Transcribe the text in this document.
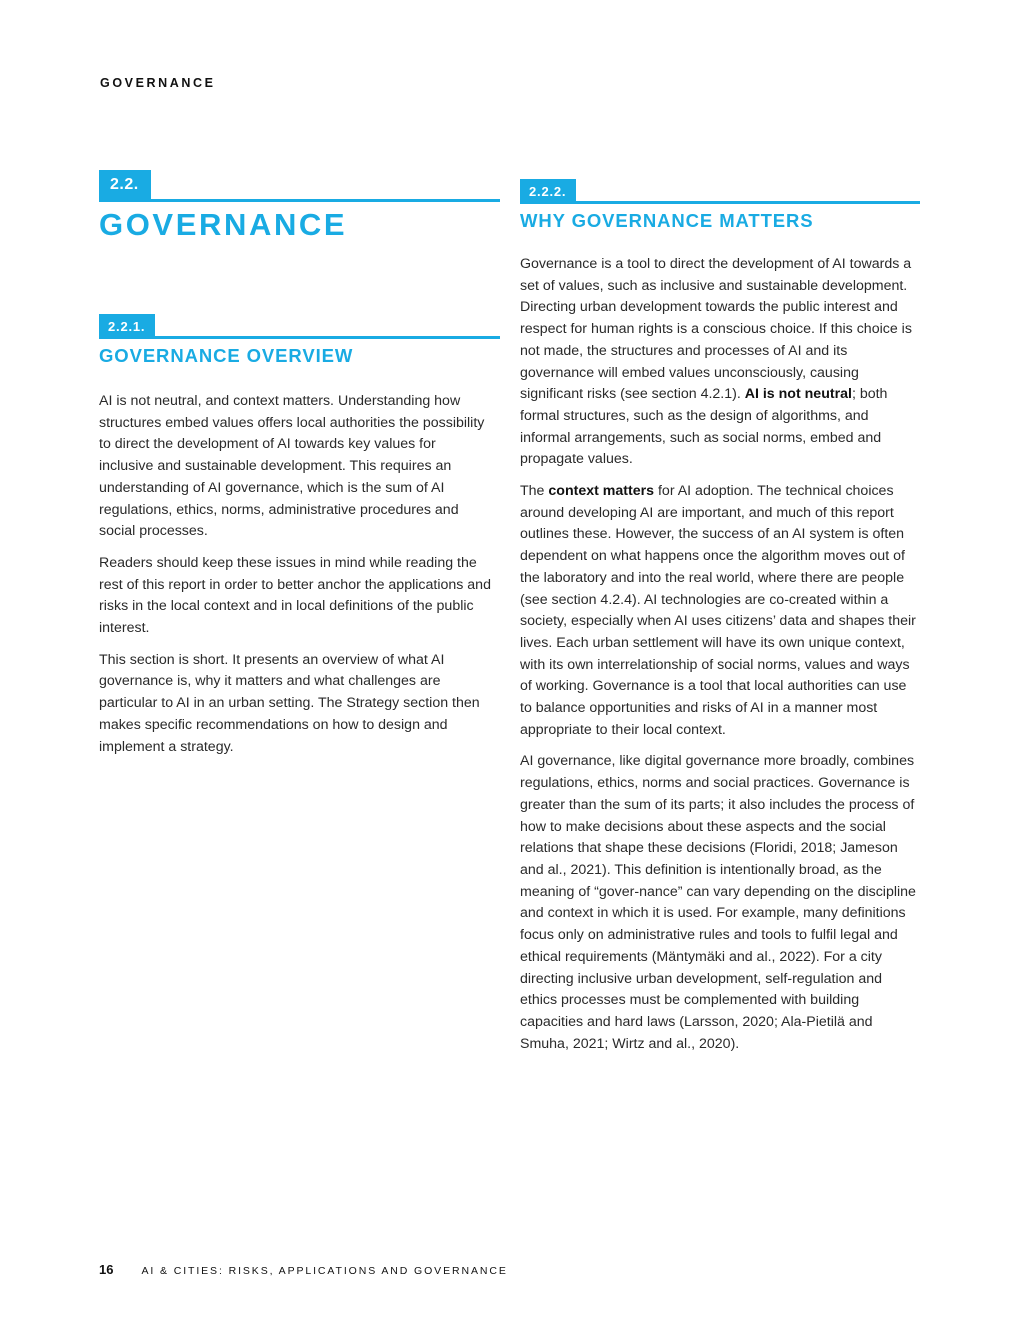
GOVERNANCE
2.2.
GOVERNANCE
2.2.1.
GOVERNANCE OVERVIEW

AI is not neutral, and context matters. Understanding how structures embed values offers local authorities the possibility to direct the development of AI towards key values for inclusive and sustainable development. This requires an understanding of AI governance, which is the sum of AI regulations, ethics, norms, administrative procedures and social processes.

Readers should keep these issues in mind while reading the rest of this report in order to better anchor the applications and risks in the local context and in local definitions of the public interest.

This section is short. It presents an overview of what AI governance is, why it matters and what challenges are particular to AI in an urban setting. The Strategy section then makes specific recommendations on how to design and implement a strategy.

2.2.2.
WHY GOVERNANCE MATTERS

Governance is a tool to direct the development of AI towards a set of values, such as inclusive and sustainable development. Directing urban development towards the public interest and respect for human rights is a conscious choice. If this choice is not made, the structures and processes of AI and its governance will embed values unconsciously, causing significant risks (see section 4.2.1). AI is not neutral; both formal structures, such as the design of algorithms, and informal arrangements, such as social norms, embed and propagate values.

The context matters for AI adoption. The technical choices around developing AI are important, and much of this report outlines these. However, the success of an AI system is often dependent on what happens once the algorithm moves out of the laboratory and into the real world, where there are people (see section 4.2.4). AI technologies are co-created within a society, especially when AI uses citizens’ data and shapes their lives. Each urban settlement will have its own unique context, with its own interrelationship of social norms, values and ways of working. Governance is a tool that local authorities can use to balance opportunities and risks of AI in a manner most appropriate to their local context.

AI governance, like digital governance more broadly, combines regulations, ethics, norms and social practices. Governance is greater than the sum of its parts; it also includes the process of how to make decisions about these aspects and the social relations that shape these decisions (Floridi, 2018; Jameson and al., 2021). This definition is intentionally broad, as the meaning of “gover-nance” can vary depending on the discipline and context in which it is used. For example, many definitions focus only on administrative rules and tools to fulfil legal and ethical requirements (Mäntymäki and al., 2022). For a city directing inclusive urban development, self-regulation and ethics processes must be complemented with building capacities and hard laws (Larsson, 2020; Ala-Pietilä and Smuha, 2021; Wirtz and al., 2020).

16	AI & CITIES: RISKS, APPLICATIONS AND GOVERNANCE
